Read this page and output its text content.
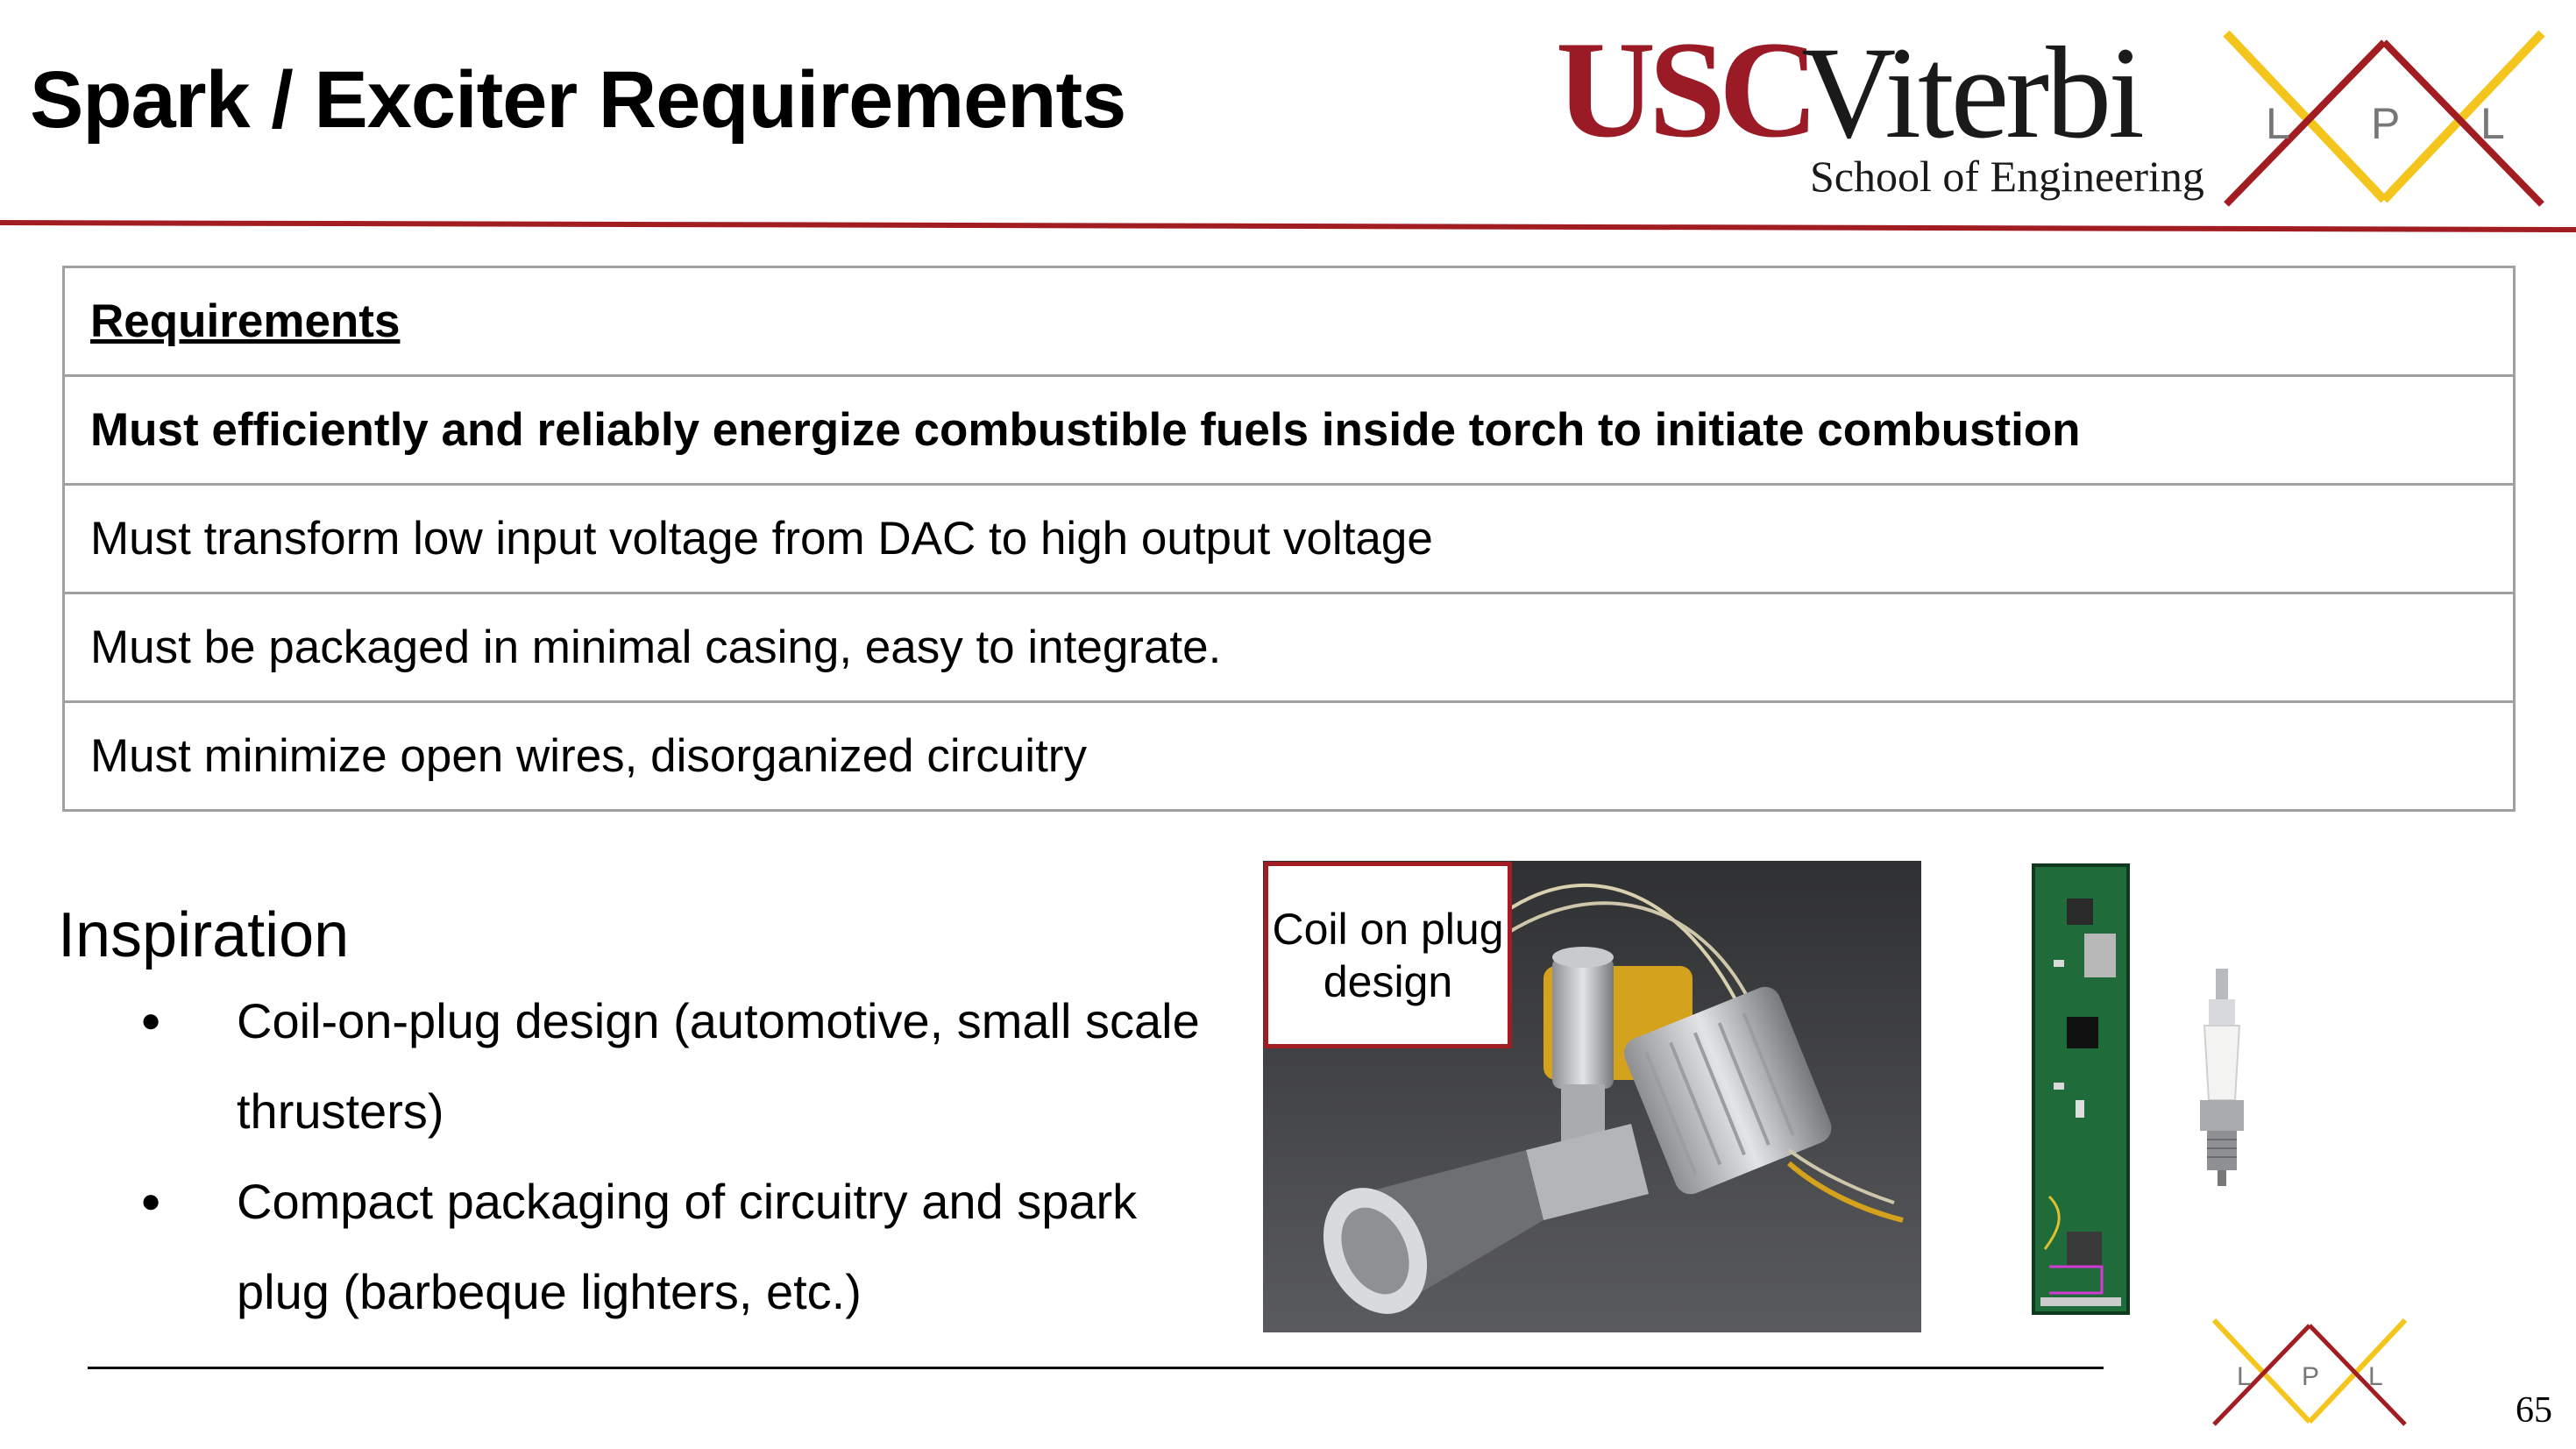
Spark / Exciter Requirements	USC
Viterbi
School of Engineering
L P L
Requirements
Must efficiently and reliably energize combustible fuels inside torch to initiate combustion
Must transform low input voltage from DAC to high output voltage
Must be packaged in minimal casing, easy to integrate.
Must minimize open wires, disorganized circuitry
Inspiration
● Coil-on-plug design (automotive, small scale thrusters)
● Compact packaging of circuitry and spark plug (barbeque lighters, etc.)
Coil on plug design
L P L
65
